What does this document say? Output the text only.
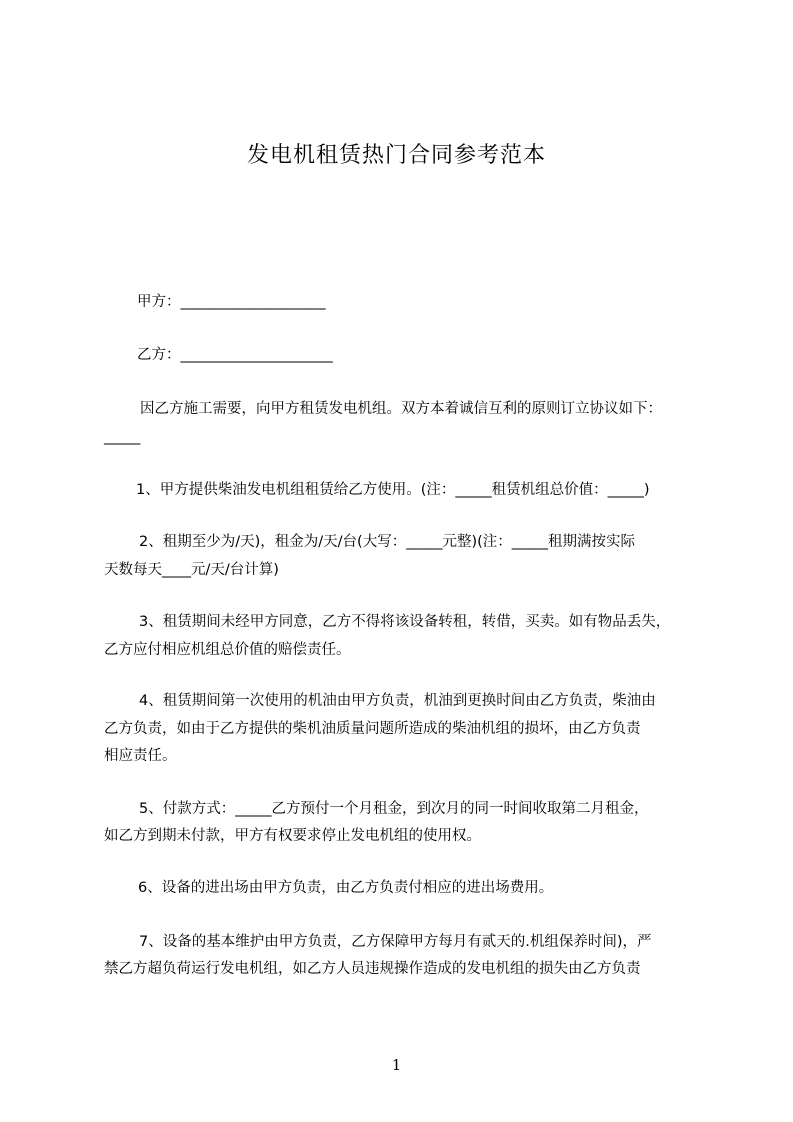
发电机租赁热门合同参考范本
甲方：____________________
乙方：_____________________
因乙方施工需要，向甲方租赁发电机组。双方本着诚信互利的原则订立协议如下：
_____
1、甲方提供柴油发电机组租赁给乙方使用。(注：_____租赁机组总价值：_____)
2、租期至少为/天)，租金为/天/台(大写：_____元整)(注：_____租期满按实际
天数每天____元/天/台计算)
3、租赁期间未经甲方同意，乙方不得将该设备转租，转借，买卖。如有物品丢失，
乙方应付相应机组总价值的赔偿责任。
4、租赁期间第一次使用的机油由甲方负责，机油到更换时间由乙方负责，柴油由
乙方负责，如由于乙方提供的柴机油质量问题所造成的柴油机组的损坏，由乙方负责
相应责任。
5、付款方式：_____乙方预付一个月租金，到次月的同一时间收取第二月租金，
如乙方到期未付款，甲方有权要求停止发电机组的使用权。
6、设备的进出场由甲方负责，由乙方负责付相应的进出场费用。
7、设备的基本维护由甲方负责，乙方保障甲方每月有贰天的.机组保养时间)，严
禁乙方超负荷运行发电机组，如乙方人员违规操作造成的发电机组的损失由乙方负责
1
